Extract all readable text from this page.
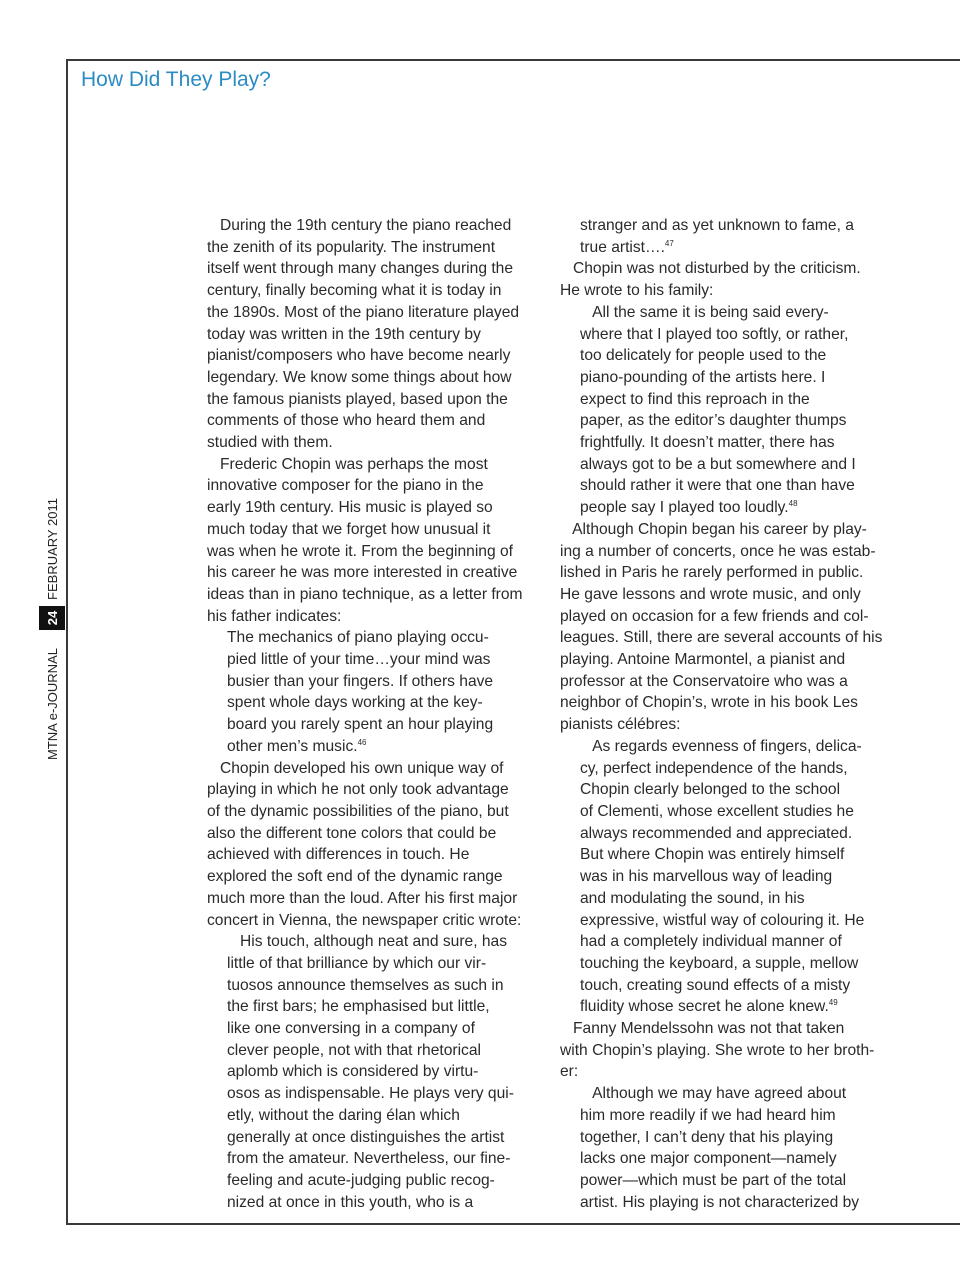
How Did They Play?
MTNA e-JOURNAL
24
FEBRUARY 2011

During the 19th century the piano reached
the zenith of its popularity. The instrument
itself went through many changes during the
century, finally becoming what it is today in
the 1890s. Most of the piano literature played
today was written in the 19th century by
pianist/composers who have become nearly
legendary. We know some things about how
the famous pianists played, based upon the
comments of those who heard them and
studied with them.

Frederic Chopin was perhaps the most
innovative composer for the piano in the
early 19th century. His music is played so
much today that we forget how unusual it
was when he wrote it. From the beginning of
his career he was more interested in creative
ideas than in piano technique, as a letter from
his father indicates:

The mechanics of piano playing occu-
pied little of your time…your mind was
busier than your fingers. If others have
spent whole days working at the key-
board you rarely spent an hour playing
other men’s music.$^{46}$

Chopin developed his own unique way of
playing in which he not only took advantage
of the dynamic possibilities of the piano, but
also the different tone colors that could be
achieved with differences in touch. He
explored the soft end of the dynamic range
much more than the loud. After his first major
concert in Vienna, the newspaper critic wrote:

His touch, although neat and sure, has
little of that brilliance by which our vir-
tuosos announce themselves as such in
the first bars; he emphasised but little,
like one conversing in a company of
clever people, not with that rhetorical
aplomb which is considered by virtu-
osos as indispensable. He plays very qui-
etly, without the daring élan which
generally at once distinguishes the artist
from the amateur. Nevertheless, our fine-
feeling and acute-judging public recog-
nized at once in this youth, who is a

stranger and as yet unknown to fame, a
true artist….$^{47}$

Chopin was not disturbed by the criticism.
He wrote to his family:

All the same it is being said every-
where that I played too softly, or rather,
too delicately for people used to the
piano-pounding of the artists here. I
expect to find this reproach in the
paper, as the editor’s daughter thumps
frightfully. It doesn’t matter, there has
always got to be a but somewhere and I
should rather it were that one than have
people say I played too loudly.$^{48}$

Although Chopin began his career by play-
ing a number of concerts, once he was estab-
lished in Paris he rarely performed in public.
He gave lessons and wrote music, and only
played on occasion for a few friends and col-
leagues. Still, there are several accounts of his
playing. Antoine Marmontel, a pianist and
professor at the Conservatoire who was a
neighbor of Chopin’s, wrote in his book Les
pianists célébres:

As regards evenness of fingers, delica-
cy, perfect independence of the hands,
Chopin clearly belonged to the school
of Clementi, whose excellent studies he
always recommended and appreciated.
But where Chopin was entirely himself
was in his marvellous way of leading
and modulating the sound, in his
expressive, wistful way of colouring it. He
had a completely individual manner of
touching the keyboard, a supple, mellow
touch, creating sound effects of a misty
fluidity whose secret he alone knew.$^{49}$

Fanny Mendelssohn was not that taken
with Chopin’s playing. She wrote to her broth-
er:

Although we may have agreed about
him more readily if we had heard him
together, I can’t deny that his playing
lacks one major component—namely
power—which must be part of the total
artist. His playing is not characterized by
